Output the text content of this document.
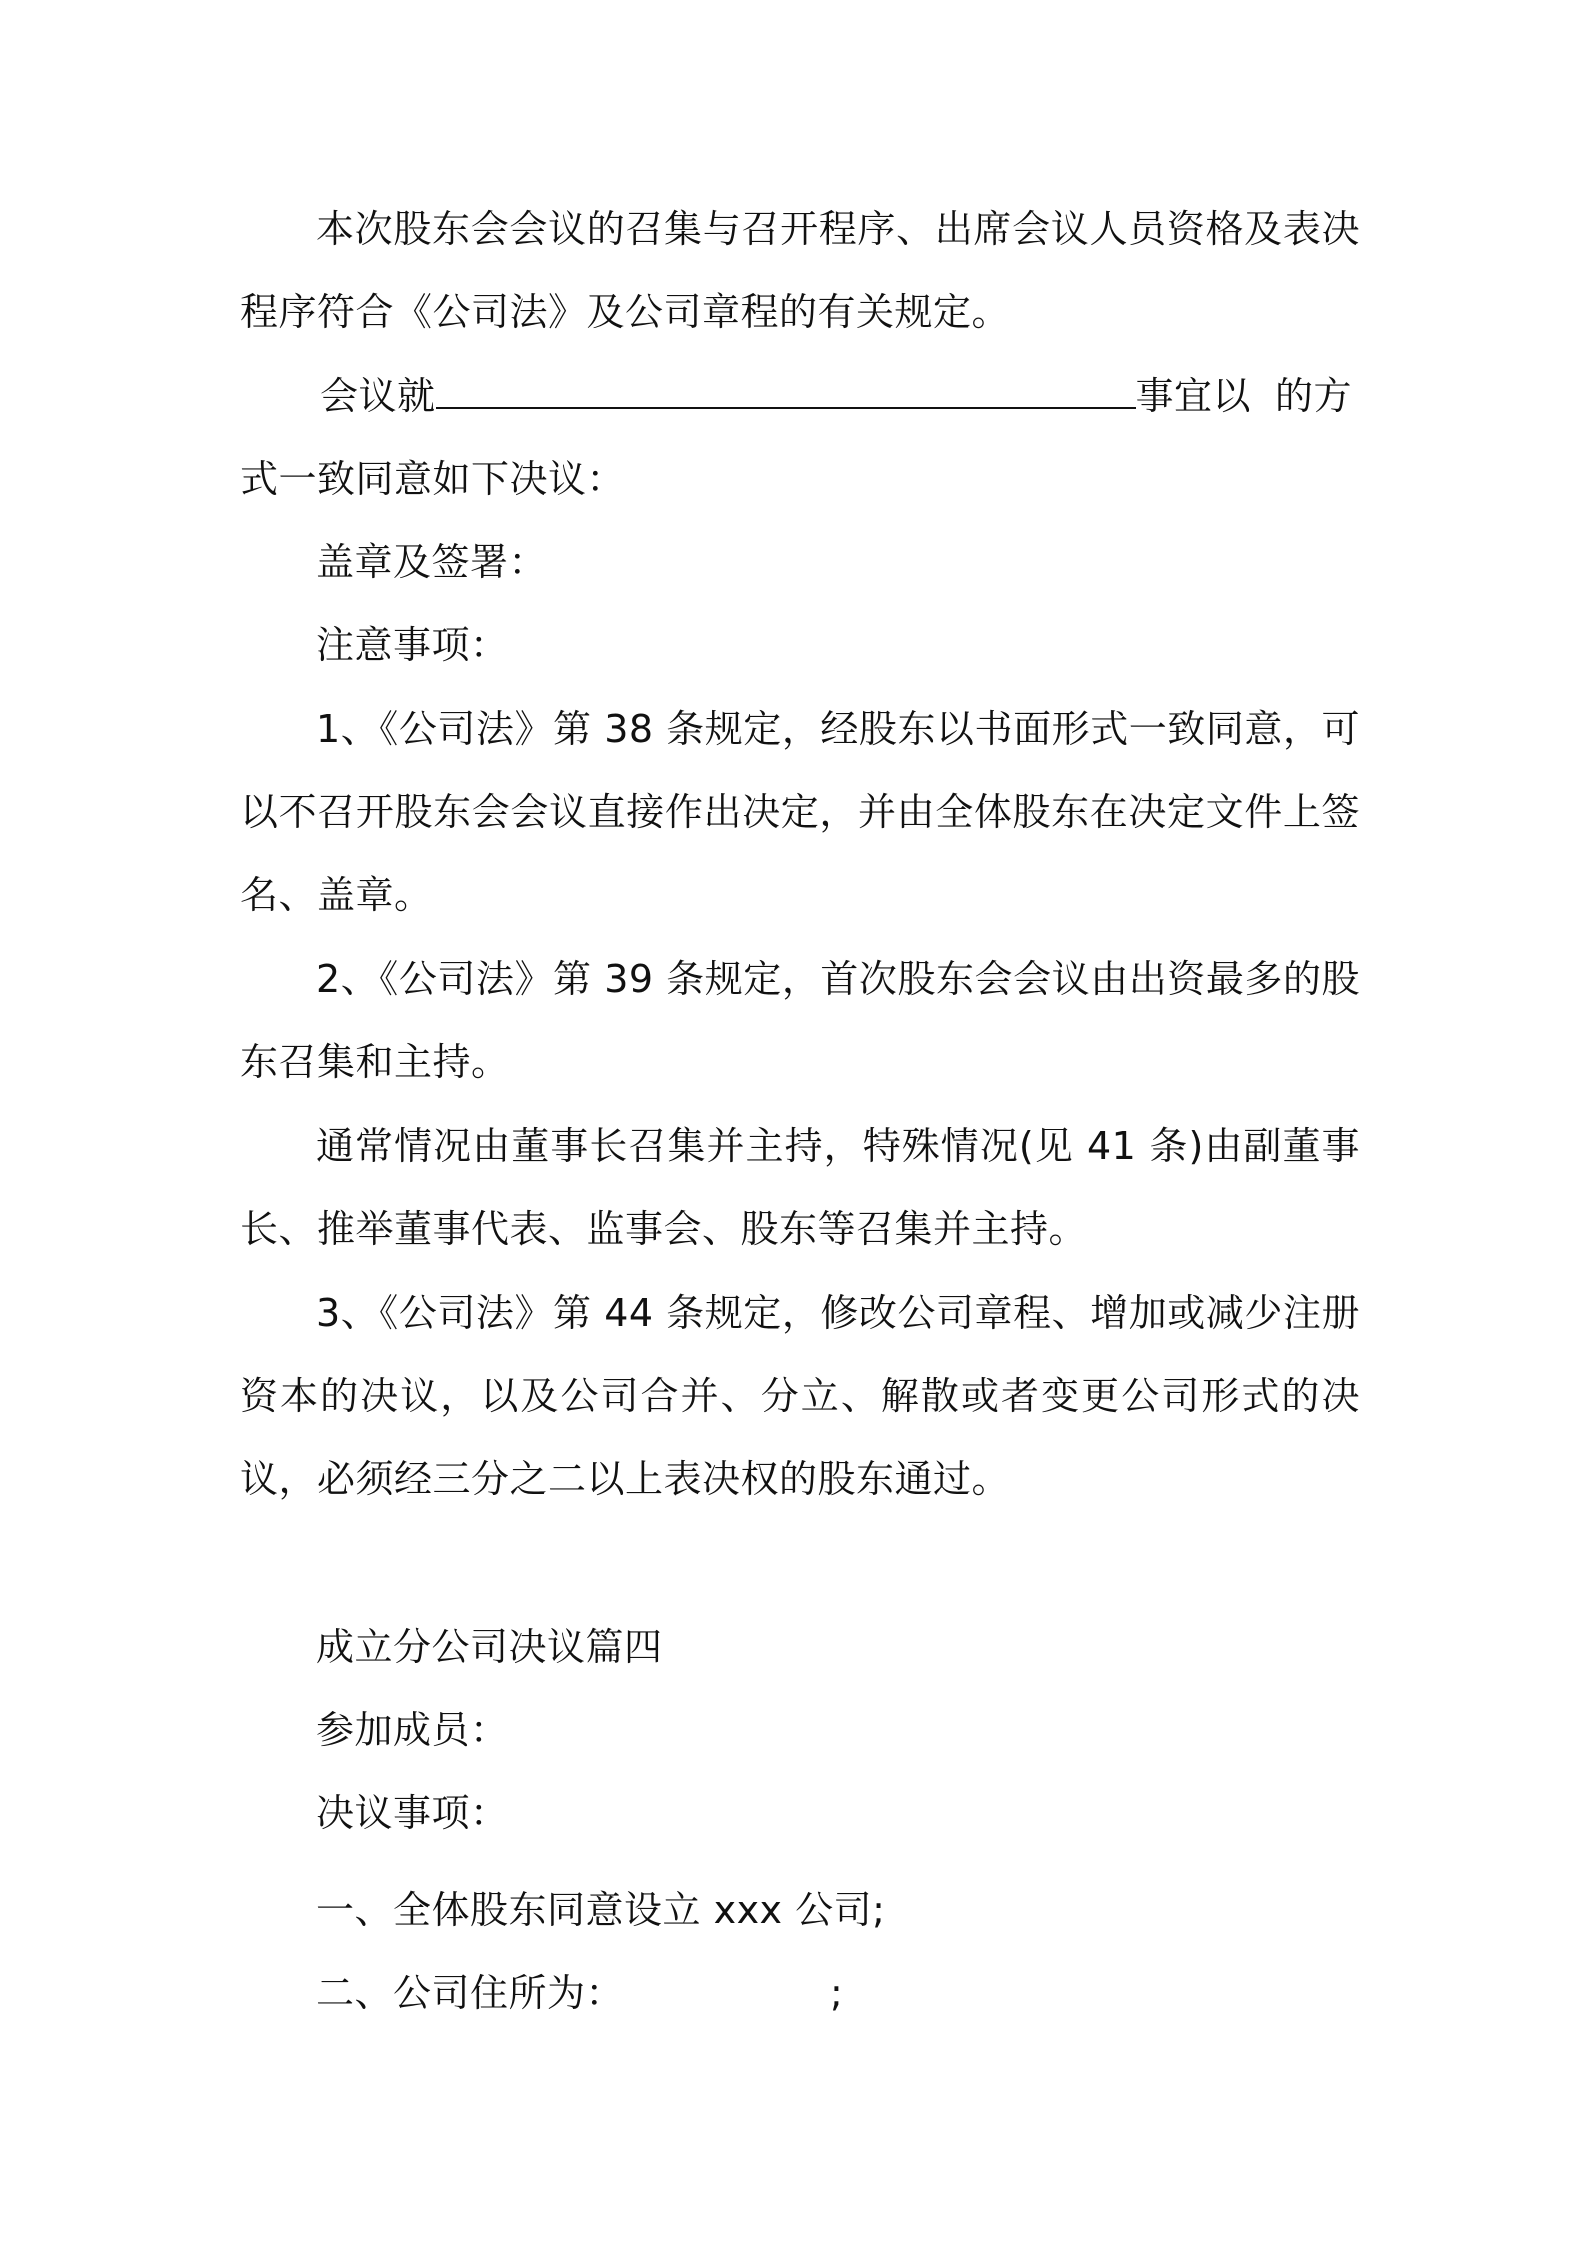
本次股东会会议的召集与召开程序、出席会议人员资格及表决程序符合《公司法》及公司章程的有关规定。

会议就	事宜以 的方

式一致同意如下决议：

盖章及签署：

注意事项：

1、《公司法》第 38 条规定，经股东以书面形式一致同意，可以不召开股东会会议直接作出决定，并由全体股东在决定文件上签名、盖章。

2、《公司法》第 39 条规定，首次股东会会议由出资最多的股东召集和主持。

通常情况由董事长召集并主持，特殊情况(见 41 条)由副董事长、推举董事代表、监事会、股东等召集并主持。

3、《公司法》第 44 条规定，修改公司章程、增加或减少注册资本的决议，以及公司合并、分立、解散或者变更公司形式的决议，必须经三分之二以上表决权的股东通过。

成立分公司决议篇四

参加成员：

决议事项：

一、全体股东同意设立 xxx 公司;

二、公司住所为：	;
